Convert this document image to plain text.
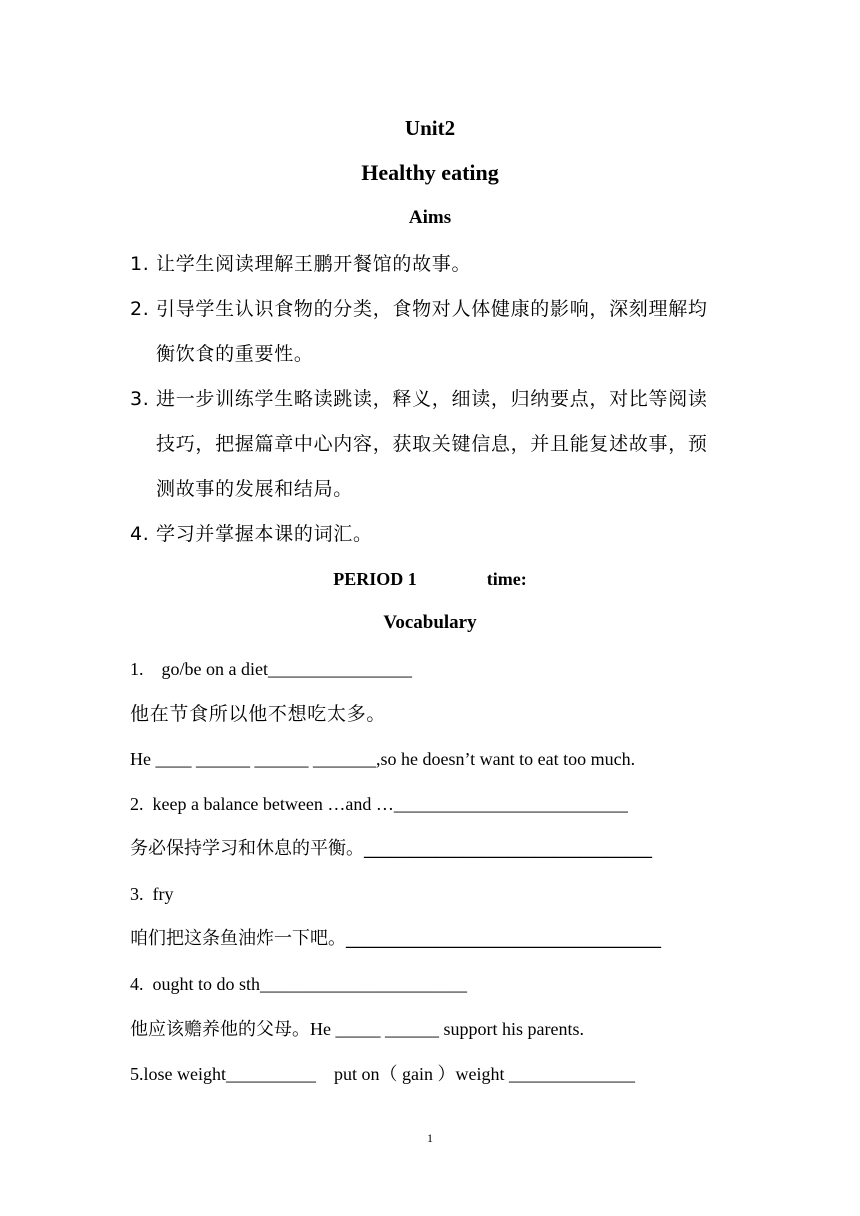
Unit2
Healthy eating
Aims
1. 让学生阅读理解王鹏开餐馆的故事。
2. 引导学生认识食物的分类，食物对人体健康的影响，深刻理解均
衡饮食的重要性。
3. 进一步训练学生略读跳读，释义，细读，归纳要点，对比等阅读
技巧，把握篇章中心内容，获取关键信息，并且能复述故事，预
测故事的发展和结局。
4. 学习并掌握本课的词汇。
PERIOD 1	time:
Vocabulary
1.    go/be on a diet________________
他在节食所以他不想吃太多。
He ____ ______ ______ _______,so he doesn’t want to eat too much.
2.  keep a balance between …and …__________________________
务必保持学习和休息的平衡。________________________________
3.  fry
咱们把这条鱼油炸一下吧。___________________________________
4.  ought to do sth_______________________
他应该赡养他的父母。He _____ ______ support his parents.
5.lose weight__________    put on（ gain ）weight ______________
1
